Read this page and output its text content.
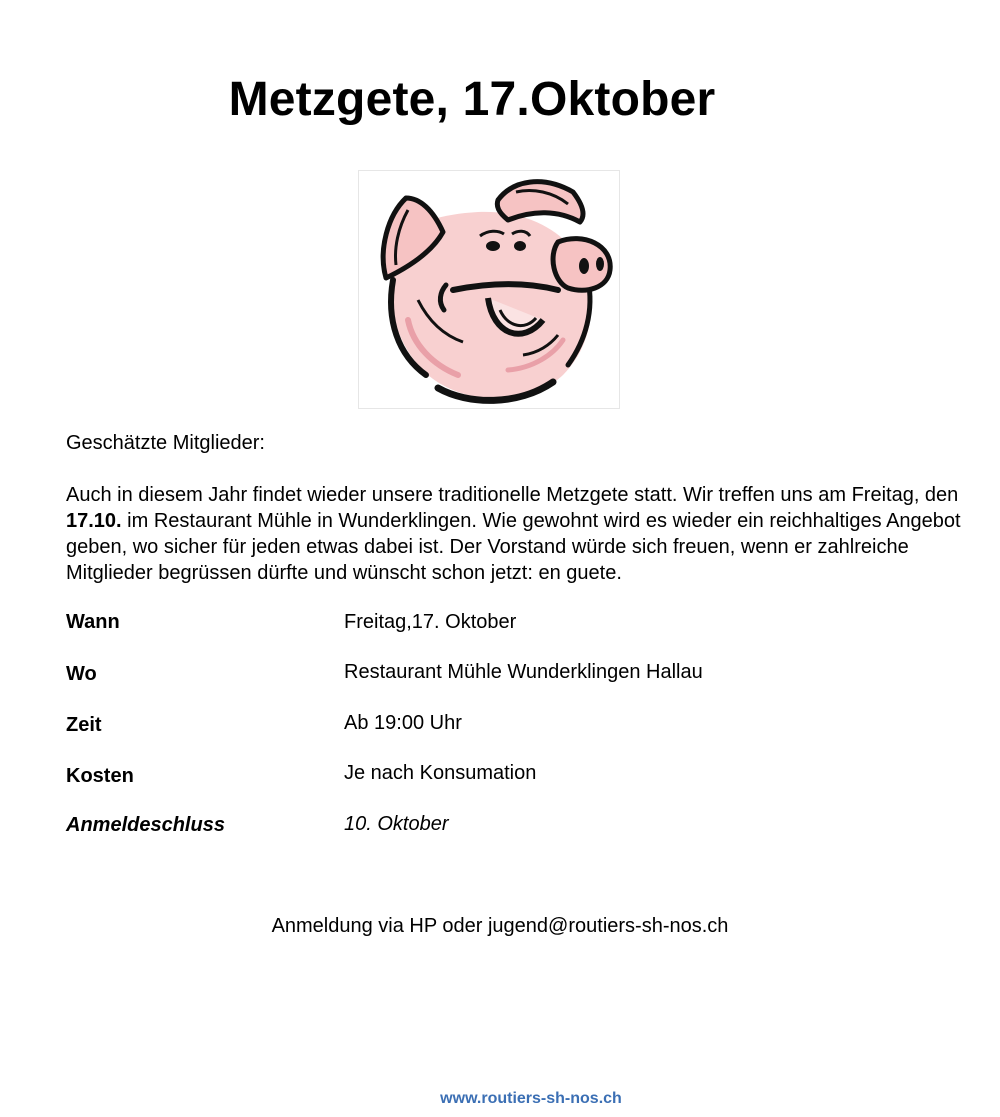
Metzgete, 17.Oktober
Geschätzte Mitglieder:
Auch in diesem Jahr findet wieder unsere traditionelle Metzgete statt. Wir treffen uns am Freitag, den 17.10. im Restaurant Mühle in Wunderklingen. Wie gewohnt wird es wieder ein reichhaltiges Angebot geben, wo sicher für jeden etwas dabei ist. Der Vorstand würde sich freuen, wenn er zahlreiche Mitglieder begrüssen dürfte und wünscht schon jetzt: en guete.
Wann	Freitag,17. Oktober
Wo	Restaurant Mühle Wunderklingen Hallau
Zeit	Ab 19:00 Uhr
Kosten	Je nach Konsumation
Anmeldeschluss	10. Oktober
Anmeldung via HP oder jugend@routiers-sh-nos.ch
www.routiers-sh-nos.ch
